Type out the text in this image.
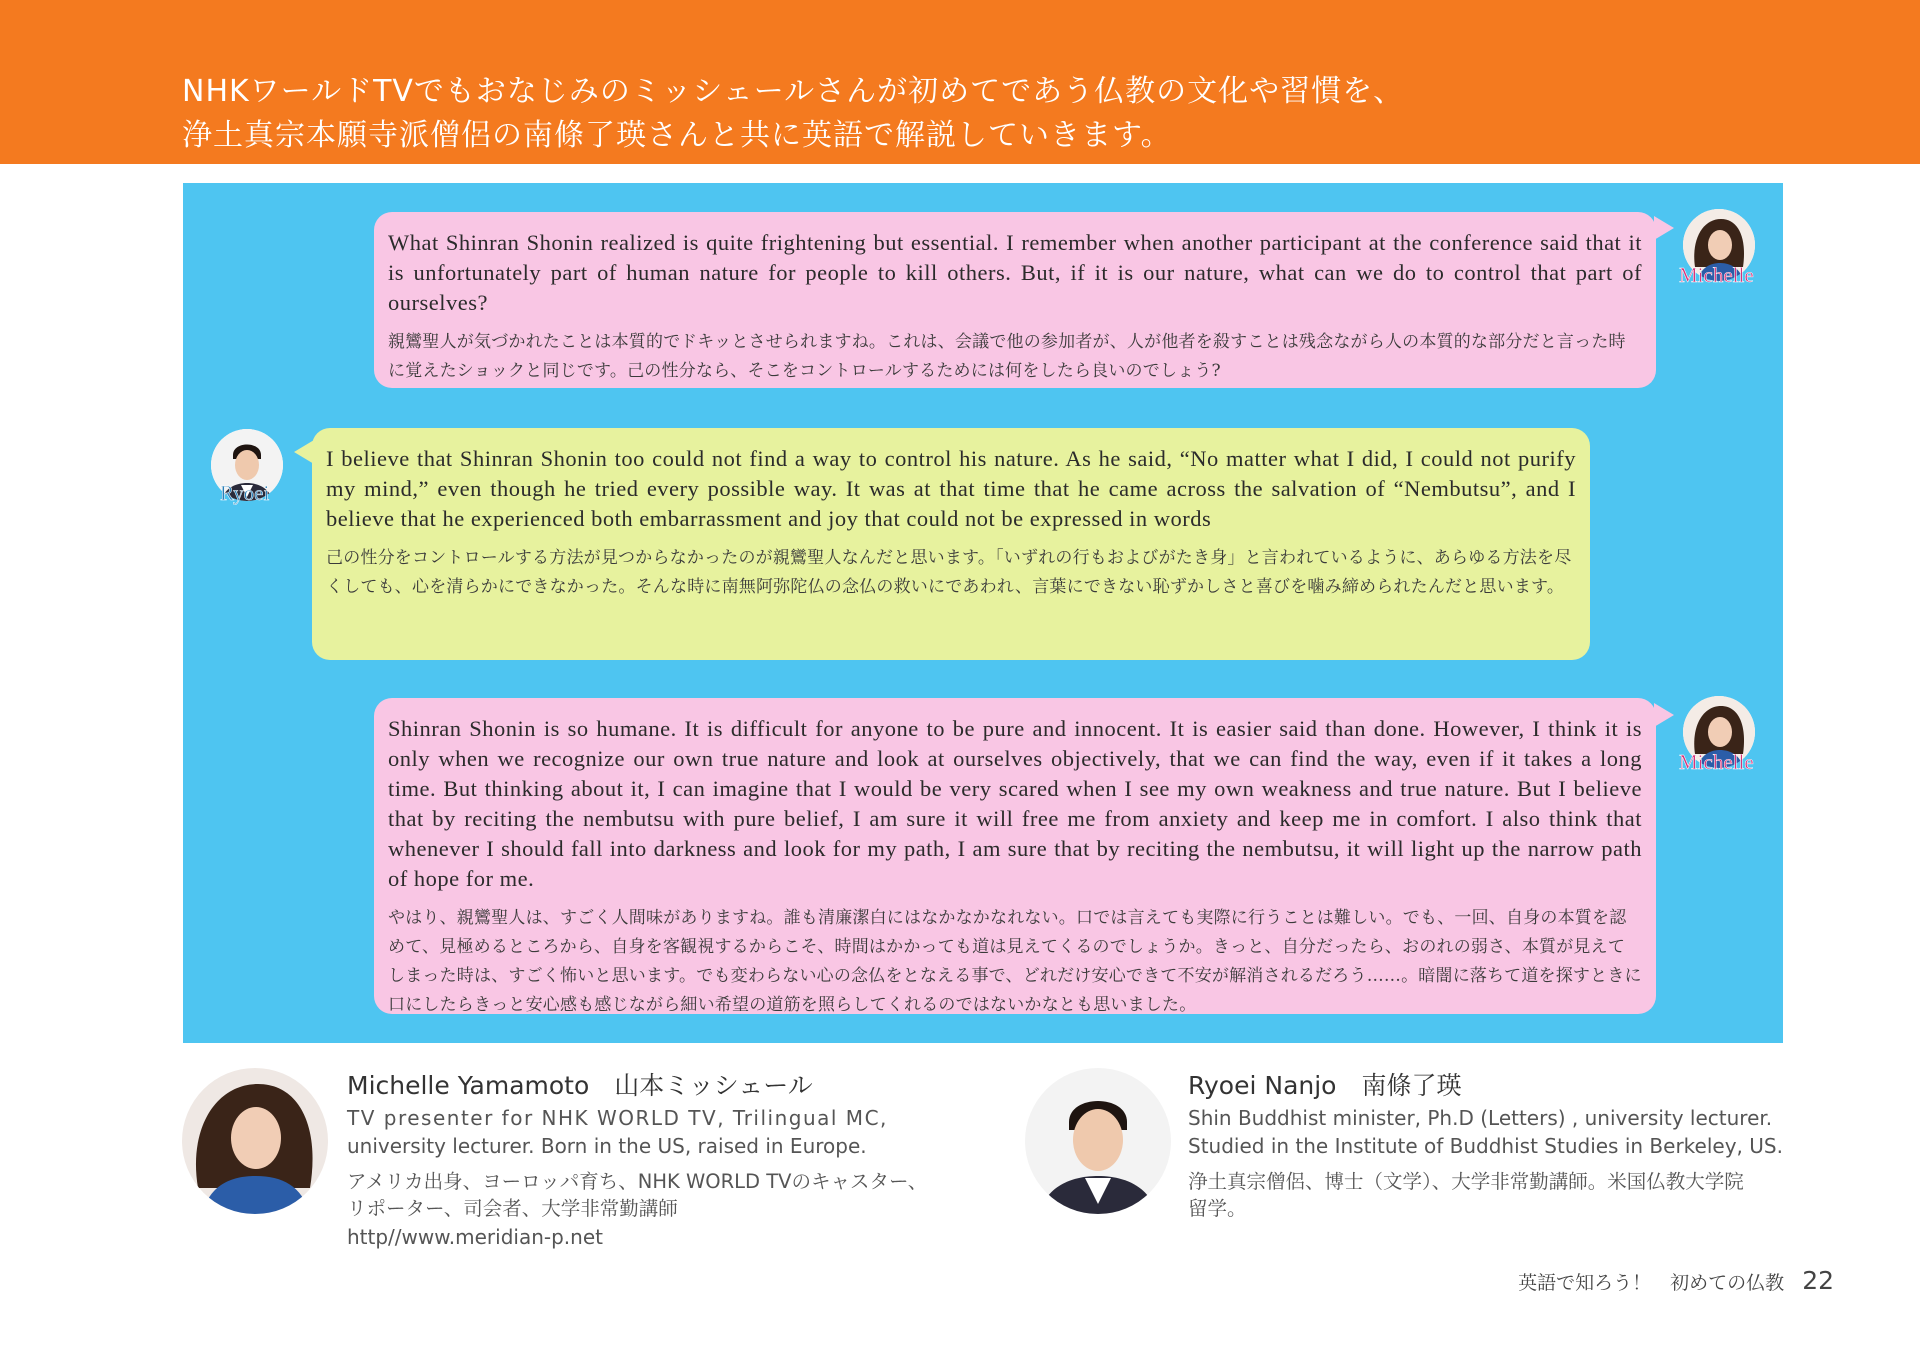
NHKワールドTVでもおなじみのミッシェールさんが初めてであう仏教の文化や習慣を、
浄土真宗本願寺派僧侶の南條了瑛さんと共に英語で解説していきます。

What Shinran Shonin realized is quite frightening but essential. I remember when another participant at the conference said that it is unfortunately part of human nature for people to kill others. But, if it is our nature, what can we do to control that part of ourselves?

親鸞聖人が気づかれたことは本質的でドキッとさせられますね。これは、会議で他の参加者が、人が他者を殺すことは残念ながら人の本質的な部分だと言った時に覚えたショックと同じです。己の性分なら、そこをコントロールするためには何をしたら良いのでしょう?

Michelle

I believe that Shinran Shonin too could not find a way to control his nature. As he said, “No matter what I did, I could not purify my mind,” even though he tried every possible way. It was at that time that he came across the salvation of “Nembutsu”, and I believe that he experienced both embarrassment and joy that could not be expressed in words

己の性分をコントロールする方法が見つからなかったのが親鸞聖人なんだと思います。「いずれの行もおよびがたき身」と言われているように、あらゆる方法を尽くしても、心を清らかにできなかった。そんな時に南無阿弥陀仏の念仏の救いにであわれ、言葉にできない恥ずかしさと喜びを噛み締められたんだと思います。

Ryoei

Shinran Shonin is so humane. It is difficult for anyone to be pure and innocent. It is easier said than done. However, I think it is only when we recognize our own true nature and look at ourselves objectively, that we can find the way, even if it takes a long time. But thinking about it, I can imagine that I would be very scared when I see my own weakness and true nature. But I believe that by reciting the nembutsu with pure belief, I am sure it will free me from anxiety and keep me in comfort. I also think that whenever I should fall into darkness and look for my path, I am sure that by reciting the nembutsu, it will light up the narrow path of hope for me.

やはり、親鸞聖人は、すごく人間味がありますね。誰も清廉潔白にはなかなかなれない。口では言えても実際に行うことは難しい。でも、一回、自身の本質を認めて、見極めるところから、自身を客観視するからこそ、時間はかかっても道は見えてくるのでしょうか。きっと、自分だったら、おのれの弱さ、本質が見えてしまった時は、すごく怖いと思います。でも変わらない心の念仏をとなえる事で、どれだけ安心できて不安が解消されるだろう……。暗闇に落ちて道を探すときに口にしたらきっと安心感も感じながら細い希望の道筋を照らしてくれるのではないかなとも思いました。

Michelle
Michelle Yamamoto　山本ミッシェール
TV presenter for NHK WORLD TV, Trilingual MC,
university lecturer. Born in the US, raised in Europe.
アメリカ出身、ヨーロッパ育ち、NHK WORLD TVのキャスター、
リポーター、司会者、大学非常勤講師
http//www.meridian-p.net
Ryoei Nanjo　南條了瑛
Shin Buddhist minister, Ph.D (Letters) , university lecturer.
Studied in the Institute of Buddhist Studies in Berkeley, US.
浄土真宗僧侶、博士（文学）、大学非常勤講師。米国仏教大学院
留学。
英語で知ろう！　初めての仏教 22
